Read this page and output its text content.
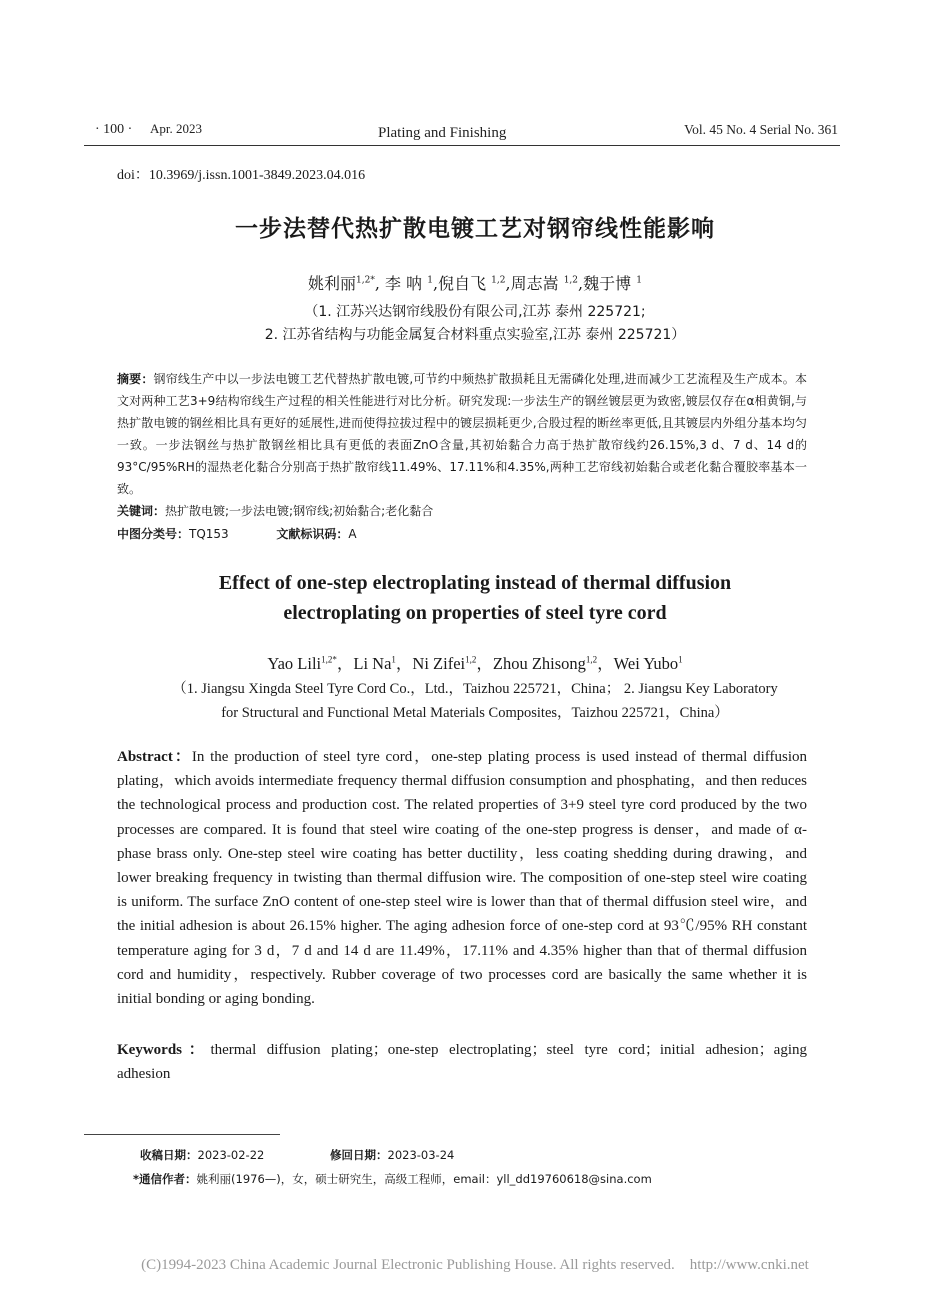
· 100 · Apr. 2023	Plating and Finishing	Vol. 45 No. 4 Serial No. 361
doi：10.3969/j.issn.1001-3849.2023.04.016
一步法替代热扩散电镀工艺对钢帘线性能影响
姚利丽$^{1,2*}$, 李 呐 $^1$,倪自飞 $^{1,2}$,周志嵩 $^{1,2}$,魏于博 $^1$
（1. 江苏兴达钢帘线股份有限公司,江苏 泰州 225721;
2. 江苏省结构与功能金属复合材料重点实验室,江苏 泰州 225721）
摘要：钢帘线生产中以一步法电镀工艺代替热扩散电镀,可节约中频热扩散损耗且无需磷化处理,进而减少工艺流程及生产成本。本文对两种工艺3+9结构帘线生产过程的相关性能进行对比分析。研究发现:一步法生产的钢丝镀层更为致密,镀层仅存在α相黄铜,与热扩散电镀的钢丝相比具有更好的延展性,进而使得拉拔过程中的镀层损耗更少,合股过程的断丝率更低,且其镀层内外组分基本均匀一致。一步法钢丝与热扩散钢丝相比具有更低的表面ZnO含量,其初始黏合力高于热扩散帘线约26.15%,3 d、7 d、14 d的93°C/95%RH的湿热老化黏合分别高于热扩散帘线11.49%、17.11%和4.35%,两种工艺帘线初始黏合或老化黏合覆胶率基本一致。
关键词：热扩散电镀;一步法电镀;钢帘线;初始黏合;老化黏合
中图分类号：TQ153	文献标识码：A
Effect of one-step electroplating instead of thermal diffusion
electroplating on properties of steel tyre cord
Yao Lili$^{1,2*}$，Li Na$^1$，Ni Zifei$^{1,2}$，Zhou Zhisong$^{1,2}$，Wei Yubo$^1$
（1. Jiangsu Xingda Steel Tyre Cord Co.，Ltd.，Taizhou 225721，China； 2. Jiangsu Key Laboratory
for Structural and Functional Metal Materials Composites，Taizhou 225721，China）
Abstract：In the production of steel tyre cord，one-step plating process is used instead of thermal diffusion plating，which avoids intermediate frequency thermal diffusion consumption and phosphating，and then reduces the technological process and production cost. The related properties of 3+9 steel tyre cord produced by the two processes are compared. It is found that steel wire coating of the one-step progress is denser，and made of α-phase brass only. One-step steel wire coating has better ductility，less coating shedding during drawing，and lower breaking frequency in twisting than thermal diffusion wire. The composition of one-step steel wire coating is uniform. The surface ZnO content of one-step steel wire is lower than that of thermal diffusion steel wire，and the initial adhesion is about 26.15% higher. The aging adhesion force of one-step cord at 93℃/95% RH constant temperature aging for 3 d，7 d and 14 d are 11.49%，17.11% and 4.35% higher than that of thermal diffusion cord and humidity，respectively. Rubber coverage of two processes cord are basically the same whether it is initial bonding or aging bonding.
Keywords：thermal diffusion plating；one-step electroplating；steel tyre cord；initial adhesion；aging adhesion
收稿日期：2023-02-22	修回日期：2023-03-24
*通信作者：姚利丽(1976—)，女，硕士研究生，高级工程师，email：yll_dd19760618@sina.com
(C)1994-2023 China Academic Journal Electronic Publishing House. All rights reserved.    http://www.cnki.net
